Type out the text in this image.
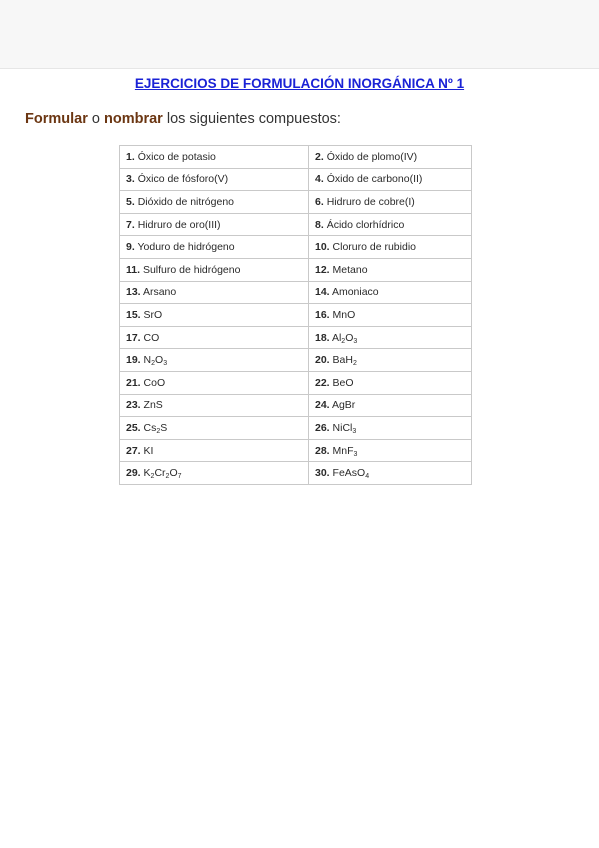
EJERCICIOS DE FORMULACIÓN INORGÁNICA Nº 1
Formular o nombrar los siguientes compuestos:
1. Óxico de potasio	2. Óxido de plomo(IV)
3. Óxico de fósforo(V)	4. Óxido de carbono(II)
5. Dióxido de nitrógeno	6. Hidruro de cobre(I)
7. Hidruro de oro(III)	8. Ácido clorhídrico
9. Yoduro de hidrógeno	10. Cloruro de rubidio
11. Sulfuro de hidrógeno	12. Metano
13. Arsano	14. Amoniaco
15. SrO	16. MnO
17. CO	18. $Al_2O_3$
19. $N_2O_3$	20. BaH$_2$
21. CoO	22. BeO
23. ZnS	24. AgBr
25. $Cs_2S$	26. NiCl$_3$
27. KI	28. MnF$_3$
29. $K_2Cr_2O_7$	30. FeAsO$_4$
